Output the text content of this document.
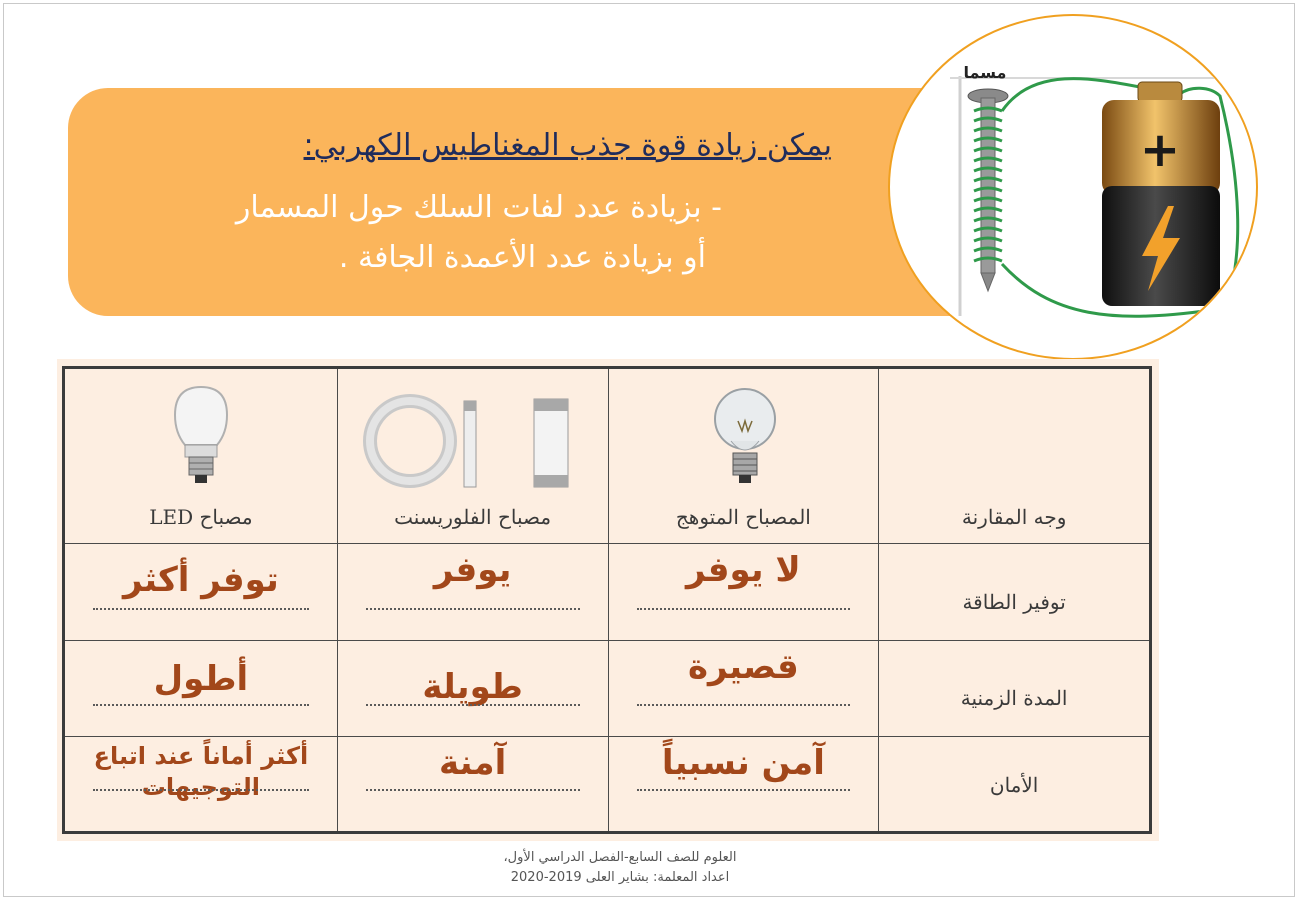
يمكن زيادة قوة جذب المغناطيس الكهربي:
- بزيادة عدد لفات السلك حول المسمار
أو بزيادة عدد الأعمدة الجافة .
مسما
+
وجه المقارنة	المصباح المتوهج	مصباح الفلوريسنت	مصباح LED

توفير الطاقة	لا يوفر	يوفر	توفر أكثر

المدة الزمنية	قصيرة	طويلة	أطول

الأمان	آمن نسبياً	آمنة	أكثر أماناً عند اتباع التوجيهات
العلوم للصف السابع-الفصل الدراسي الأول،
اعداد المعلمة: بشاير العلى 2019-2020
